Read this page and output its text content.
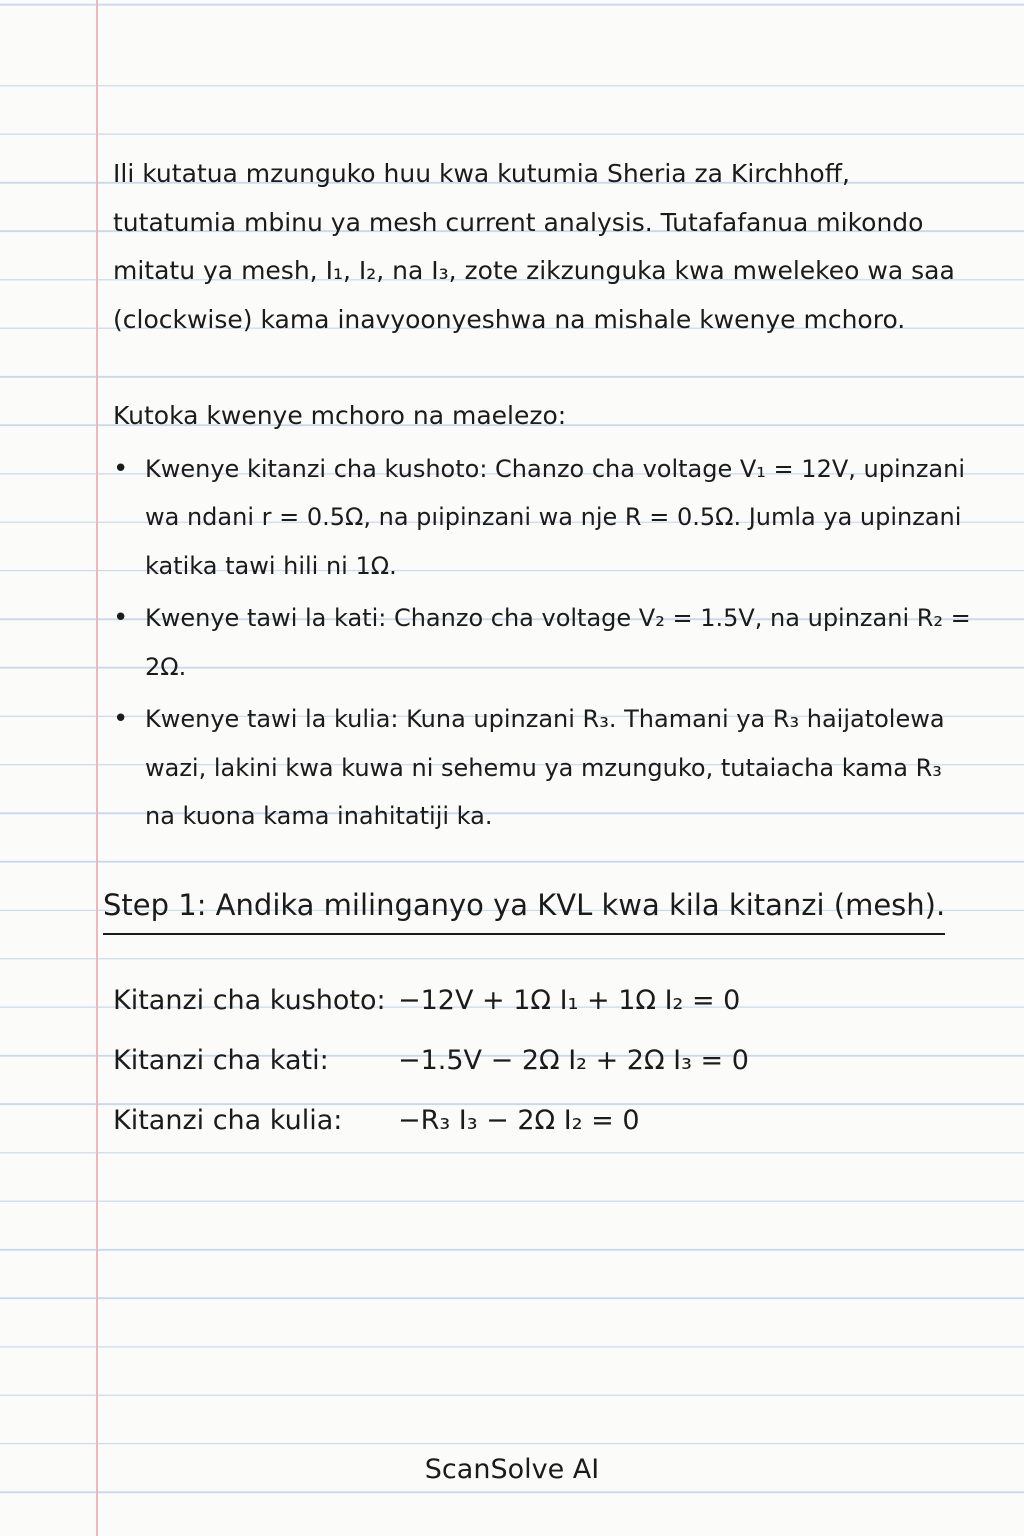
Ili kutatua mzunguko huu kwa kutumia Sheria za Kirchhoff, tutatumia mbinu ya mesh current analysis. Tutafafanua mikondo mitatu ya mesh, I₁, I₂, na I₃, zote zikzunguka kwa mwelekeo wa saa (clockwise) kama inavyoonyeshwa na mishale kwenye mchoro.

Kutoka kwenye mchoro na maelezo:

• Kwenye kitanzi cha kushoto: Chanzo cha voltage V₁ = 12V, upinzani wa ndani r = 0.5Ω, na pıipinzani wa nje R = 0.5Ω. Jumla ya upinzani katika tawi hili ni 1Ω.
• Kwenye tawi la kati: Chanzo cha voltage V₂ = 1.5V, na upinzani R₂ = 2Ω.
• Kwenye tawi la kulia: Kuna upinzani R₃. Thamani ya R₃ haijatolewa wazi, lakini kwa kuwa ni sehemu ya mzunguko, tutaiacha kama R₃ na kuona kama inahitatiji ka.
Step 1: Andika milinganyo ya KVL kwa kila kitanzi (mesh).
Kitanzi cha kushoto: −12V + 1Ω I₁ + 1Ω I₂ = 0
Kitanzi cha kati:	−1.5V − 2Ω I₂ + 2Ω I₃ = 0
Kitanzi cha kulia:	−R₃ I₃ − 2Ω I₂ = 0
ScanSolve AI
